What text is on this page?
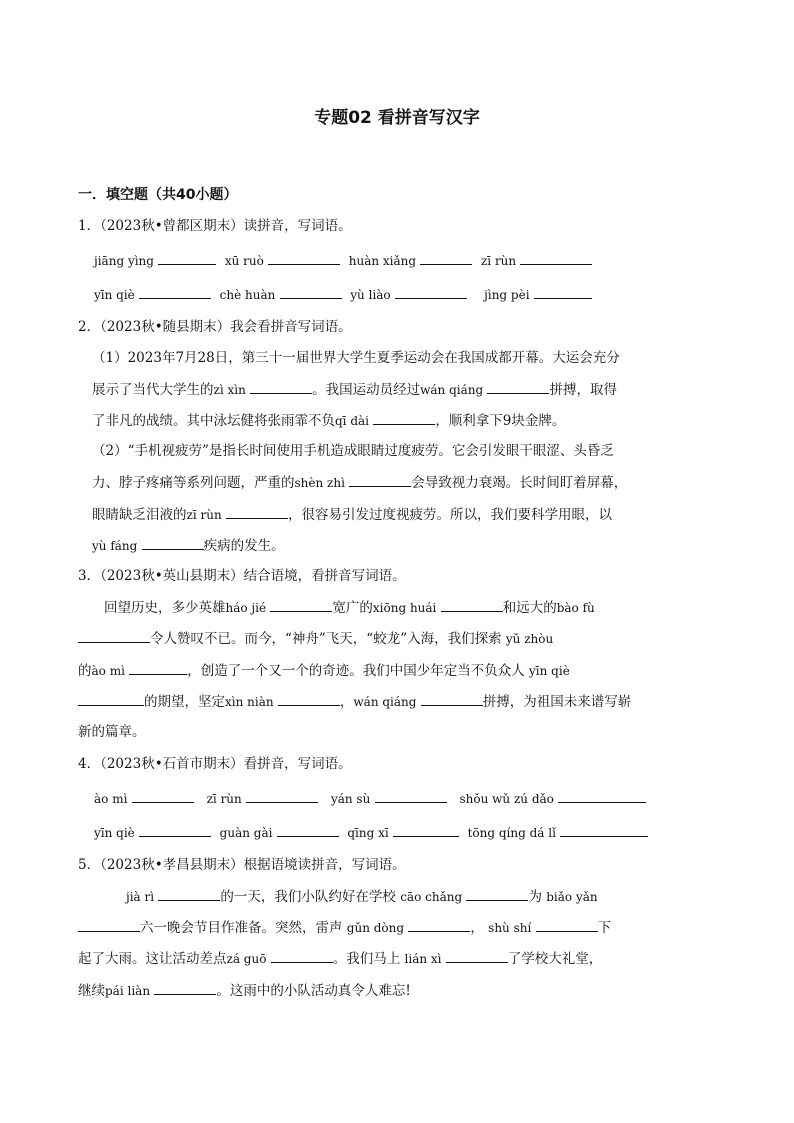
专题02 看拼音写汉字
一．填空题（共40小题）
1．（2023秋•曾都区期末）读拼音，写词语。
jiāng yìng	xū ruò	huàn xiǎng	zī rùn
yīn qiè	chè huàn	yù liào	jìng pèi
2．（2023秋•随县期末）我会看拼音写词语。
（1）2023年7月28日，第三十一届世界大学生夏季运动会在我国成都开幕。大运会充分
展示了当代大学生的zì xìn	。我国运动员经过wán qiáng	拼搏，取得
了非凡的战绩。其中泳坛健将张雨霏不负qī dài	，顺利拿下9块金牌。
（2）“手机视疲劳”是指长时间使用手机造成眼睛过度疲劳。它会引发眼干眼涩、头昏乏
力、脖子疼痛等系列问题，严重的shèn zhì	会导致视力衰竭。长时间盯着屏幕，
眼睛缺乏泪液的zī rùn	，很容易引发过度视疲劳。所以，我们要科学用眼，以
yù fáng	疾病的发生。
3．（2023秋•英山县期末）结合语境，看拼音写词语。
回望历史，多少英雄háo jié	宽广的xiōng huái	和远大的bào fù
令人赞叹不已。而今，“神舟”飞天，“蛟龙”入海，我们探索 yǔ zhòu
的ào mì	，创造了一个又一个的奇迹。我们中国少年定当不负众人 yīn qiè
的期望，坚定xìn niàn	，wán qiáng	拼搏，为祖国未来谱写崭
新的篇章。
4．（2023秋•石首市期末）看拼音，写词语。
ào mì	zī rùn	yán sù	shǒu wǔ zú dǎo
yīn qiè	guàn gài	qīng xī	tōng qíng dá lǐ
5．（2023秋•孝昌县期末）根据语境读拼音，写词语。
jià rì	的一天，我们小队约好在学校 cāo chǎng	为 biǎo yǎn
六一晚会节目作准备。突然，雷声 gǔn dòng	， shù shí	下
起了大雨。这让活动差点zá guō	。我们马上 lián xì	了学校大礼堂，
继续pái liàn	。这雨中的小队活动真令人难忘!
